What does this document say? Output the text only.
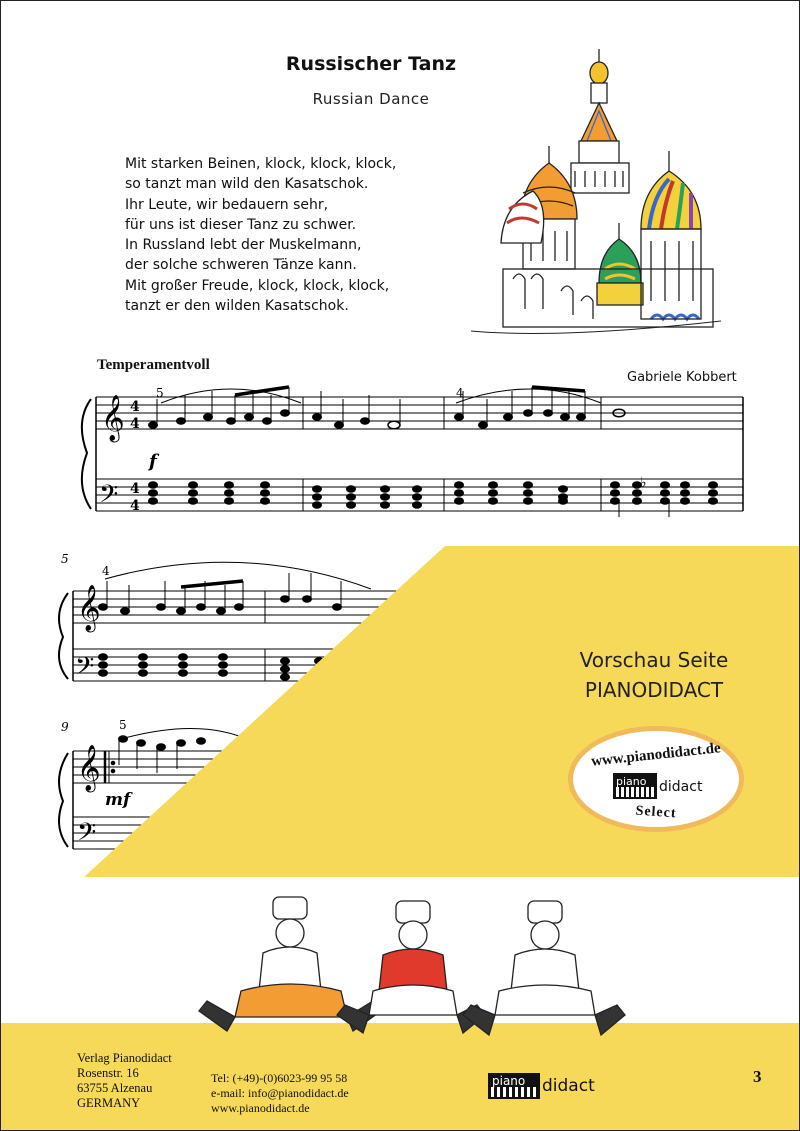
Russischer Tanz
Russian Dance
Mit starken Beinen, klock, klock, klock,
so tanzt man wild den Kasatschok.
Ihr Leute, wir bedauern sehr,
für uns ist dieser Tanz zu schwer.
In Russland lebt der Muskelmann,
der solche schweren Tänze kann.
Mit großer Freude, klock, klock, klock,
tanzt er den wilden Kasatschok.
Temperamentvoll
Gabriele Kobbert
𝄞
𝄢
𝄞
𝄢
𝄞
𝄢
4
4
4
4
5	4
f
♭
5
4
9	5
mf
Vorschau Seite
PIANODIDACT
www.pianodidact.de
piano didact
Select
Verlag Pianodidact
Rosenstr. 16
63755 Alzenau
GERMANY
Tel: (+49)-(0)6023-99 95 58
e-mail: info@pianodidact.de
www.pianodidact.de
piano didact	3
